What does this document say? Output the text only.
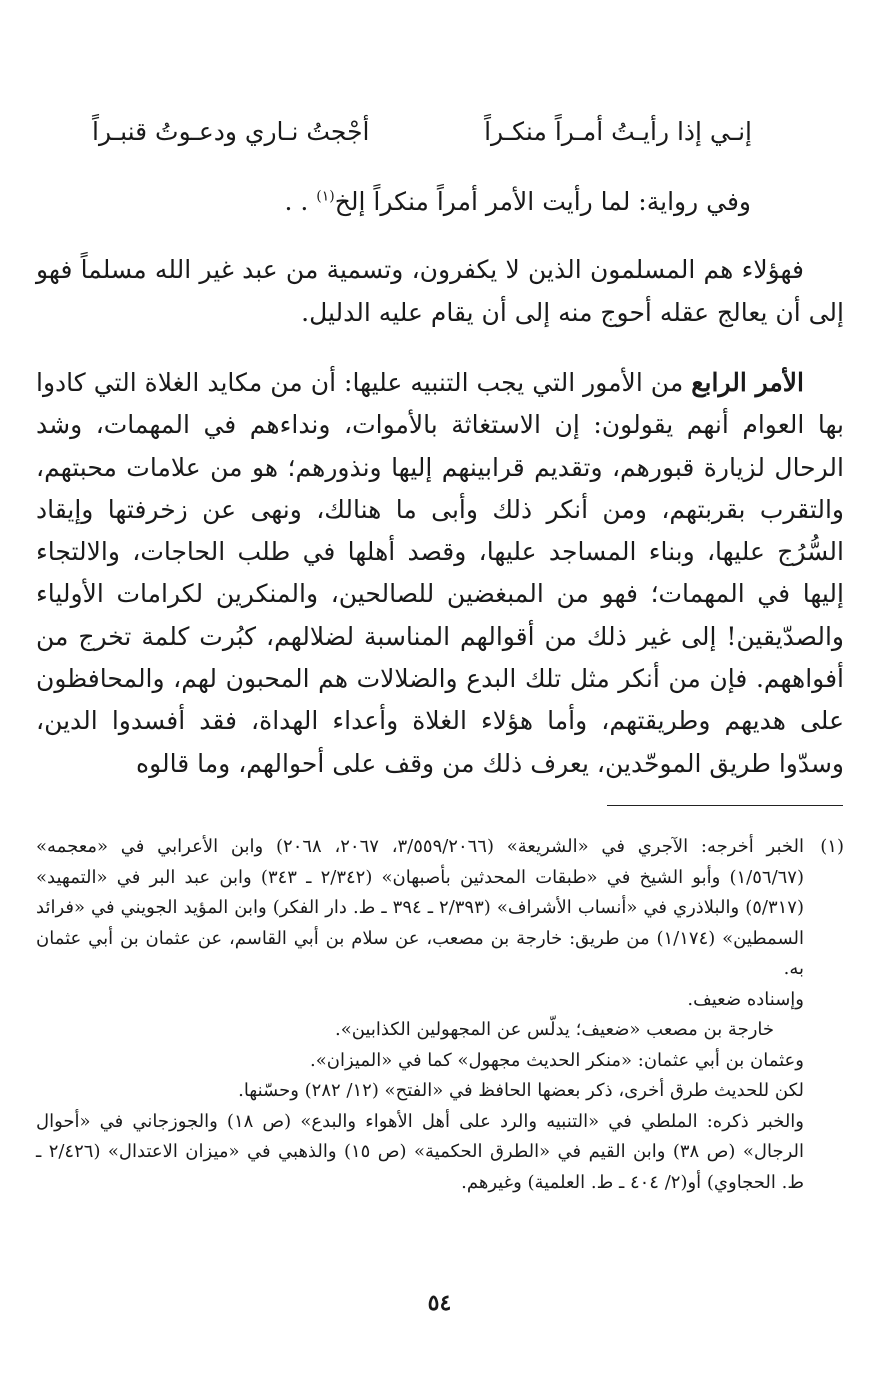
إنـي إذا رأيـتُ أمـراً منكـراً
أجْجتُ نـاري ودعـوتُ قنبـراً
وفي رواية: لما رأيت الأمر أمراً منكراً إلخ$^{(١)}$ . .

فهؤلاء هم المسلمون الذين لا يكفرون، وتسمية من عبد غير الله مسلماً فهو إلى أن يعالج عقله أحوج منه إلى أن يقام عليه الدليل.

الأمر الرابع من الأمور التي يجب التنبيه عليها: أن من مكايد الغلاة التي كادوا بها العوام أنهم يقولون: إن الاستغاثة بالأموات، ونداءهم في المهمات، وشد الرحال لزيارة قبورهم، وتقديم قرابينهم إليها ونذورهم؛ هو من علامات محبتهم، والتقرب بقربتهم، ومن أنكر ذلك وأبى ما هنالك، ونهى عن زخرفتها وإيقاد السُّرُج عليها، وبناء المساجد عليها، وقصد أهلها في طلب الحاجات، والالتجاء إليها في المهمات؛ فهو من المبغضين للصالحين، والمنكرين لكرامات الأولياء والصدّيقين! إلى غير ذلك من أقوالهم المناسبة لضلالهم، كبُرت كلمة تخرج من أفواههم. فإن من أنكر مثل تلك البدع والضلالات هم المحبون لهم، والمحافظون على هديهم وطريقتهم، وأما هؤلاء الغلاة وأعداء الهداة، فقد أفسدوا الدين، وسدّوا طريق الموحّدين، يعرف ذلك من وقف على أحوالهم، وما قالوه

(١)
الخبر أخرجه: الآجري في «الشريعة» (٣/٥٥٩/٢٠٦٦، ٢٠٦٧، ٢٠٦٨) وابن الأعرابي في «معجمه» (١/٥٦/٦٧) وأبو الشيخ في «طبقات المحدثين بأصبهان» (٢/٣٤٢ ـ ٣٤٣) وابن عبد البر في «التمهيد» (٥/٣١٧) والبلاذري في «أنساب الأشراف» (٢/٣٩٣ ـ ٣٩٤ ـ ط. دار الفكر) وابن المؤيد الجويني في «فرائد السمطين» (١/١٧٤) من طريق: خارجة بن مصعب، عن سلام بن أبي القاسم، عن عثمان بن أبي عثمان به.
وإسناده ضعيف.
خارجة بن مصعب «ضعيف؛ يدلّس عن المجهولين الكذابين».
وعثمان بن أبي عثمان: «منكر الحديث مجهول» كما في «الميزان».
لكن للحديث طرق أخرى، ذكر بعضها الحافظ في «الفتح» (١٢/ ٢٨٢) وحسّنها.
والخبر ذكره: الملطي في «التنبيه والرد على أهل الأهواء والبدع» (ص ١٨) والجوزجاني في «أحوال الرجال» (ص ٣٨) وابن القيم في «الطرق الحكمية» (ص ١٥) والذهبي في «ميزان الاعتدال» (٢/٤٢٦ ـ ط. الحجاوي) أو(٢/ ٤٠٤ ـ ط. العلمية) وغيرهم.
٥٤
